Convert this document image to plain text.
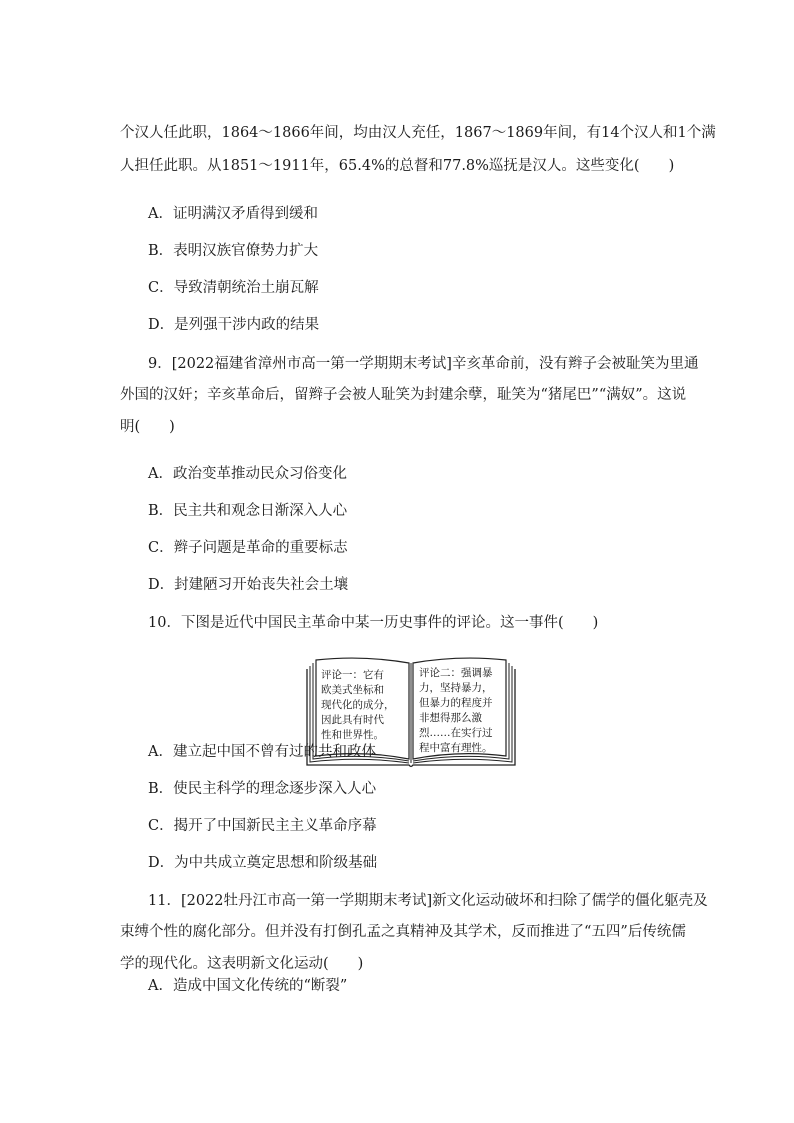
个汉人任此职，1864～1866年间，均由汉人充任，1867～1869年间，有14个汉人和1个满
人担任此职。从1851～1911年，65.4%的总督和77.8%巡抚是汉人。这些变化(　　)
A．证明满汉矛盾得到缓和
B．表明汉族官僚势力扩大
C．导致清朝统治土崩瓦解
D．是列强干涉内政的结果
9．[2022福建省漳州市高一第一学期期末考试]辛亥革命前，没有辫子会被耻笑为里通
外国的汉奸；辛亥革命后，留辫子会被人耻笑为封建余孽，耻笑为“猪尾巴”“满奴”。这说
明(　　)
A．政治变革推动民众习俗变化
B．民主共和观念日渐深入人心
C．辫子问题是革命的重要标志
D．封建陋习开始丧失社会土壤
10．下图是近代中国民主革命中某一历史事件的评论。这一事件(　　)
评论一：它有
欧美式坐标和
现代化的成分，
因此具有时代
性和世界性。
评论二：强调暴
力，坚持暴力，
但暴力的程度并
非想得那么激
烈……在实行过
程中富有理性。
A．建立起中国不曾有过的共和政体
B．使民主科学的理念逐步深入人心
C．揭开了中国新民主主义革命序幕
D．为中共成立奠定思想和阶级基础
11．[2022牡丹江市高一第一学期期末考试]新文化运动破坏和扫除了儒学的僵化躯壳及
束缚个性的腐化部分。但并没有打倒孔孟之真精神及其学术，反而推进了“五四”后传统儒
学的现代化。这表明新文化运动(　　)
A．造成中国文化传统的“断裂”
